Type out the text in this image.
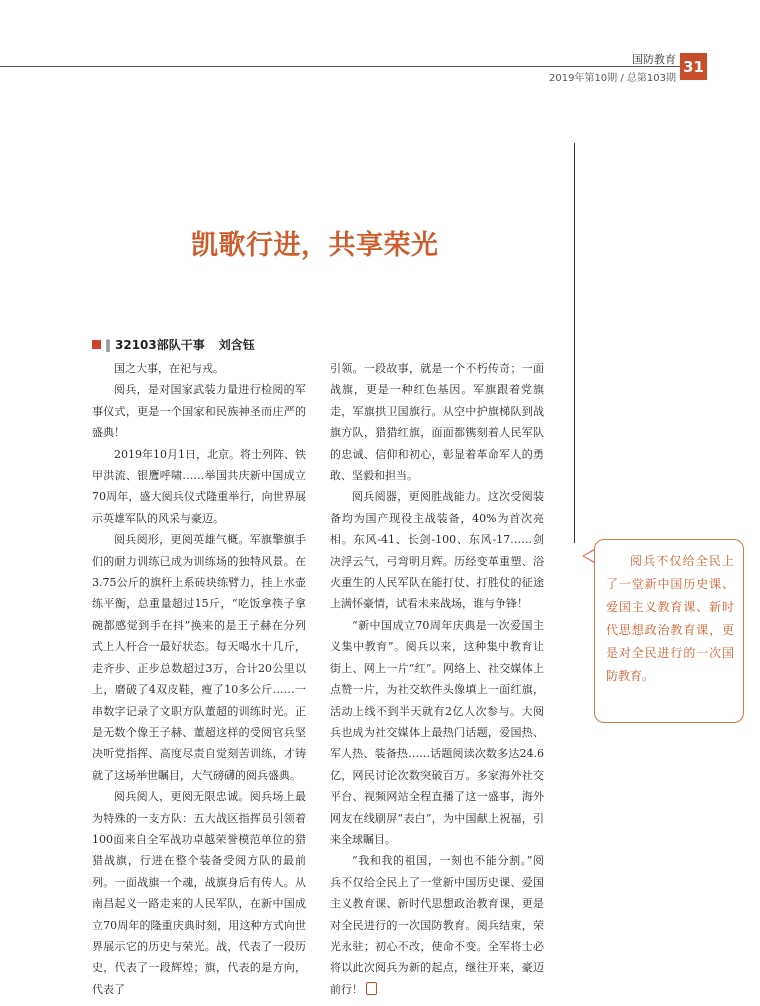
国防教育
2019年第10期 / 总第103期
31
凯歌行进，共享荣光
‖ 32103部队干事 刘含钰

国之大事，在祀与戎。

阅兵，是对国家武装力量进行检阅的军事仪式，更是一个国家和民族神圣而庄严的盛典！

2019年10月1日，北京。将士列阵、铁甲洪流、银鹰呼啸……举国共庆新中国成立70周年，盛大阅兵仪式隆重举行，向世界展示英雄军队的风采与豪迈。

阅兵阅形，更阅英雄气概。军旗擎旗手们的耐力训练已成为训练场的独特风景。在3.75公斤的旗杆上系砖块练臂力，挂上水壶练平衡，总重量超过15斤，“吃饭拿筷子拿碗都感觉到手在抖”换来的是王子赫在分列式上人杆合一最好状态。每天喝水十几斤，走齐步、正步总数超过3万，合计20公里以上，磨破了4双皮鞋，瘦了10多公斤……一串数字记录了文职方队董超的训练时光。正是无数个像王子赫、董超这样的受阅官兵坚决听党指挥、高度尽责自觉刻苦训练，才铸就了这场举世瞩目，大气磅礴的阅兵盛典。

阅兵阅人，更阅无限忠诚。阅兵场上最为特殊的一支方队：五大战区指挥员引领着100面来自全军战功卓越荣誉模范单位的猎猎战旗，行进在整个装备受阅方队的最前列。一面战旗一个魂，战旗身后有传人。从南昌起义一路走来的人民军队，在新中国成立70周年的隆重庆典时刻，用这种方式向世界展示它的历史与荣光。战，代表了一段历史，代表了一段辉煌；旗，代表的是方向，代表了

引领。一段故事，就是一个不朽传奇；一面战旗，更是一种红色基因。军旗跟着党旗走，军旗拱卫国旗行。从空中护旗梯队到战旗方队，猎猎红旗，面面都镌刻着人民军队的忠诚、信仰和初心，彰显着革命军人的勇敢、坚毅和担当。

阅兵阅器，更阅胜战能力。这次受阅装备均为国产现役主战装备，40%为首次亮相。东风-41、长剑-100、东风-17……剑决浮云气，弓弯明月辉。历经变革重塑、浴火重生的人民军队在能打仗、打胜仗的征途上满怀豪情，试看未来战场，谁与争锋！

“新中国成立70周年庆典是一次爱国主义集中教育”。阅兵以来，这种集中教育让街上、网上一片“红”。网络上、社交媒体上点赞一片，为社交软件头像填上一面红旗，活动上线不到半天就有2亿人次参与。大阅兵也成为社交媒体上最热门话题，爱国热、军人热、装备热……话题阅读次数多达24.6亿，网民讨论次数突破百万。多家海外社交平台、视频网站全程直播了这一盛事，海外网友在线刷屏“表白”，为中国献上祝福，引来全球瞩目。

“我和我的祖国，一刻也不能分割。”阅兵不仅给全民上了一堂新中国历史课、爱国主义教育课、新时代思想政治教育课，更是对全民进行的一次国防教育。阅兵结束，荣光永驻；初心不改，使命不变。全军将士必将以此次阅兵为新的起点，继往开来，豪迈前行！

阅兵不仅给全民上了一堂新中国历史课、爱国主义教育课、新时代思想政治教育课，更是对全民进行的一次国防教育。
